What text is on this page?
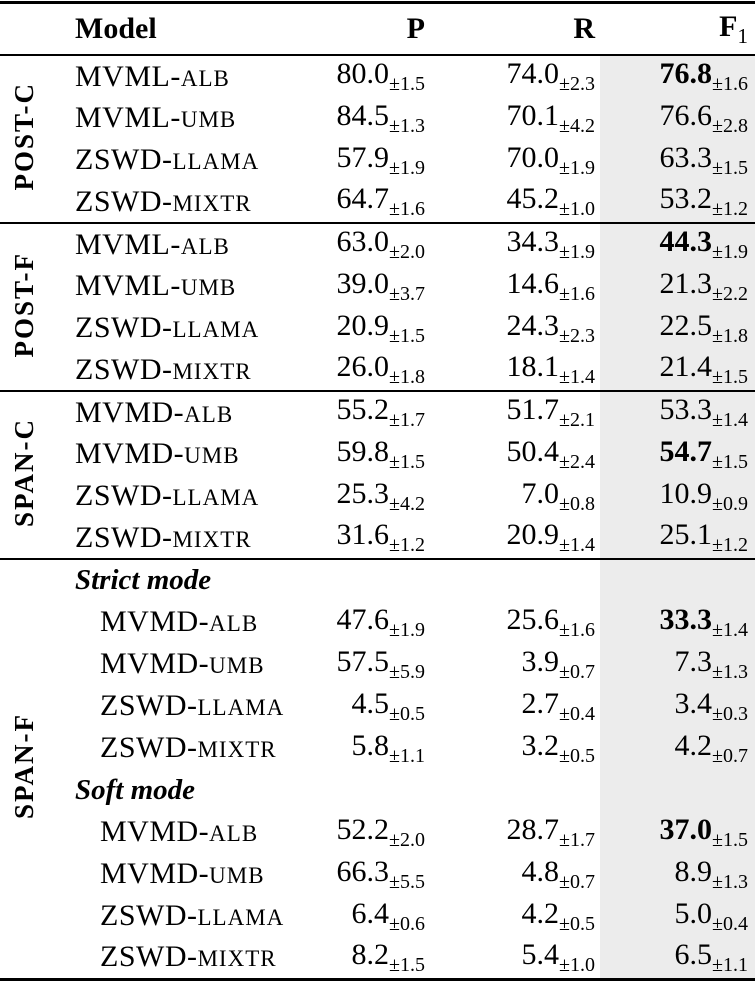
	Model	P	R	$F_1$
POST-C	MVML-ALB	$80.0_{\pm 1.5}$	$74.0_{\pm 2.3}$	$76.8_{\pm 1.6}$
	MVML-UMB	$84.5_{\pm 1.3}$	$70.1_{\pm 4.2}$	$76.6_{\pm 2.8}$
	ZSWD-LLAMA	$57.9_{\pm 1.9}$	$70.0_{\pm 1.9}$	$63.3_{\pm 1.5}$
	ZSWD-MIXTR	$64.7_{\pm 1.6}$	$45.2_{\pm 1.0}$	$53.2_{\pm 1.2}$
POST-F	MVML-ALB	$63.0_{\pm 2.0}$	$34.3_{\pm 1.9}$	$44.3_{\pm 1.9}$
	MVML-UMB	$39.0_{\pm 3.7}$	$14.6_{\pm 1.6}$	$21.3_{\pm 2.2}$
	ZSWD-LLAMA	$20.9_{\pm 1.5}$	$24.3_{\pm 2.3}$	$22.5_{\pm 1.8}$
	ZSWD-MIXTR	$26.0_{\pm 1.8}$	$18.1_{\pm 1.4}$	$21.4_{\pm 1.5}$
SPAN-C	MVMD-ALB	$55.2_{\pm 1.7}$	$51.7_{\pm 2.1}$	$53.3_{\pm 1.4}$
	MVMD-UMB	$59.8_{\pm 1.5}$	$50.4_{\pm 2.4}$	$54.7_{\pm 1.5}$
	ZSWD-LLAMA	$25.3_{\pm 4.2}$	$7.0_{\pm 0.8}$	$10.9_{\pm 0.9}$
	ZSWD-MIXTR	$31.6_{\pm 1.2}$	$20.9_{\pm 1.4}$	$25.1_{\pm 1.2}$
SPAN-F	Strict mode			
	MVMD-ALB	$47.6_{\pm 1.9}$	$25.6_{\pm 1.6}$	$33.3_{\pm 1.4}$
	MVMD-UMB	$57.5_{\pm 5.9}$	$3.9_{\pm 0.7}$	$7.3_{\pm 1.3}$
	ZSWD-LLAMA	$4.5_{\pm 0.5}$	$2.7_{\pm 0.4}$	$3.4_{\pm 0.3}$
	ZSWD-MIXTR	$5.8_{\pm 1.1}$	$3.2_{\pm 0.5}$	$4.2_{\pm 0.7}$
	Soft mode			
	MVMD-ALB	$52.2_{\pm 2.0}$	$28.7_{\pm 1.7}$	$37.0_{\pm 1.5}$
	MVMD-UMB	$66.3_{\pm 5.5}$	$4.8_{\pm 0.7}$	$8.9_{\pm 1.3}$
	ZSWD-LLAMA	$6.4_{\pm 0.6}$	$4.2_{\pm 0.5}$	$5.0_{\pm 0.4}$
	ZSWD-MIXTR	$8.2_{\pm 1.5}$	$5.4_{\pm 1.0}$	$6.5_{\pm 1.1}$
